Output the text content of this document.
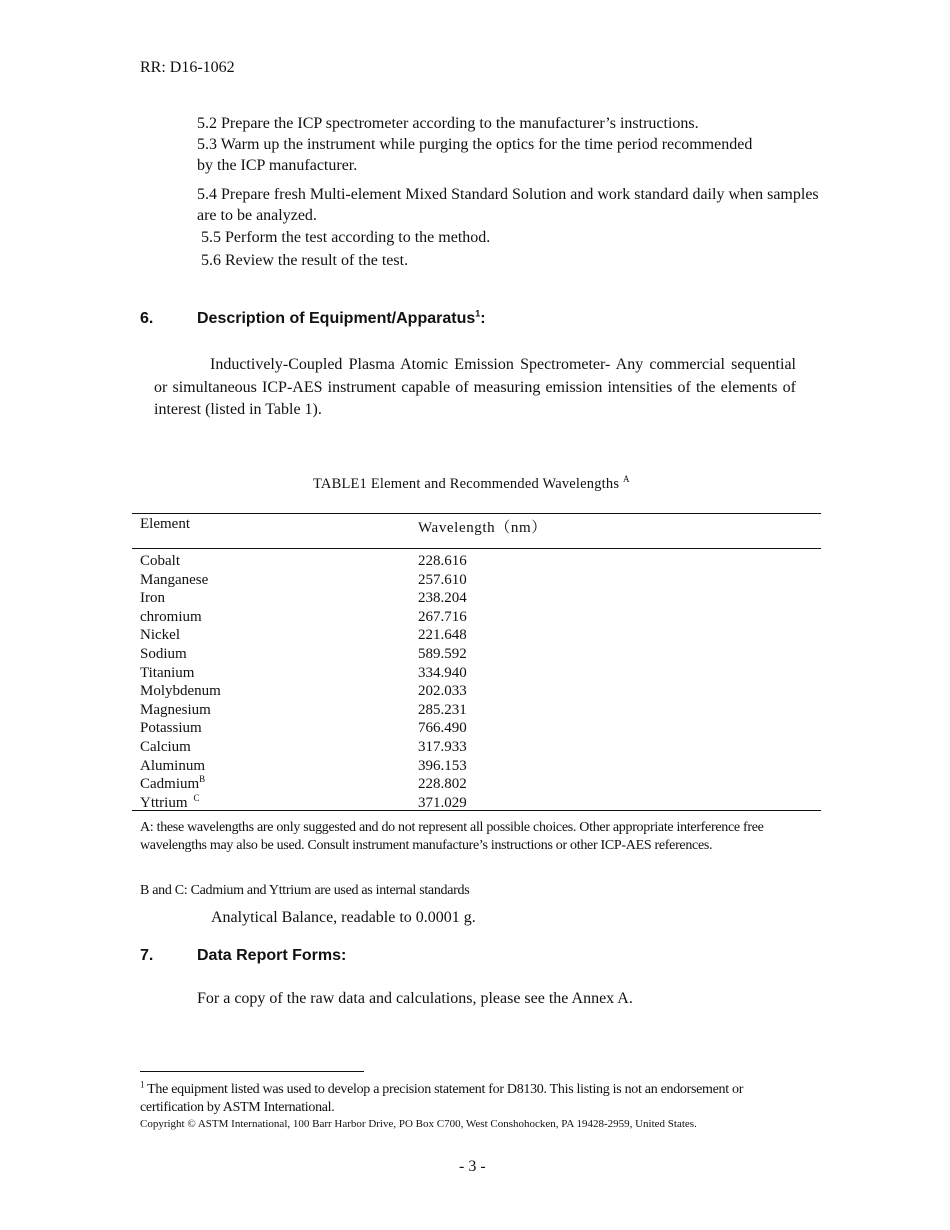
RR: D16-1062
5.2 Prepare the ICP spectrometer according to the manufacturer’s instructions.
5.3 Warm up the instrument while purging the optics for the time period recommended by the ICP manufacturer.
5.4 Prepare fresh Multi-element Mixed Standard Solution and work standard daily when samples are to be analyzed.
5.5 Perform the test according to the method.
5.6 Review the result of the test.
6.	Description of Equipment/Apparatus$^1$:
Inductively-Coupled Plasma Atomic Emission Spectrometer- Any commercial sequential or simultaneous ICP-AES instrument capable of measuring emission intensities of the elements of interest (listed in Table 1).
TABLE1 Element and Recommended Wavelengths $^A$
Element	Wavelength（nm）
Cobalt	228.616
Manganese	257.610
Iron	238.204
chromium	267.716
Nickel	221.648
Sodium	589.592
Titanium	334.940
Molybdenum	202.033
Magnesium	285.231
Potassium	766.490
Calcium	317.933
Aluminum	396.153
Cadmium$^B$	228.802
Yttrium $^C$	371.029
A: these wavelengths are only suggested and do not represent all possible choices. Other appropriate interference free wavelengths may also be used. Consult instrument manufacture’s instructions or other ICP-AES references.
B and C: Cadmium and Yttrium are used as internal standards
Analytical Balance, readable to 0.0001 g.
7.	Data Report Forms:
For a copy of the raw data and calculations, please see the Annex A.
$^1$ The equipment listed was used to develop a precision statement for D8130. This listing is not an endorsement or certification by ASTM International.
Copyright © ASTM International, 100 Barr Harbor Drive, PO Box C700, West Conshohocken, PA 19428-2959, United States.
- 3 -
